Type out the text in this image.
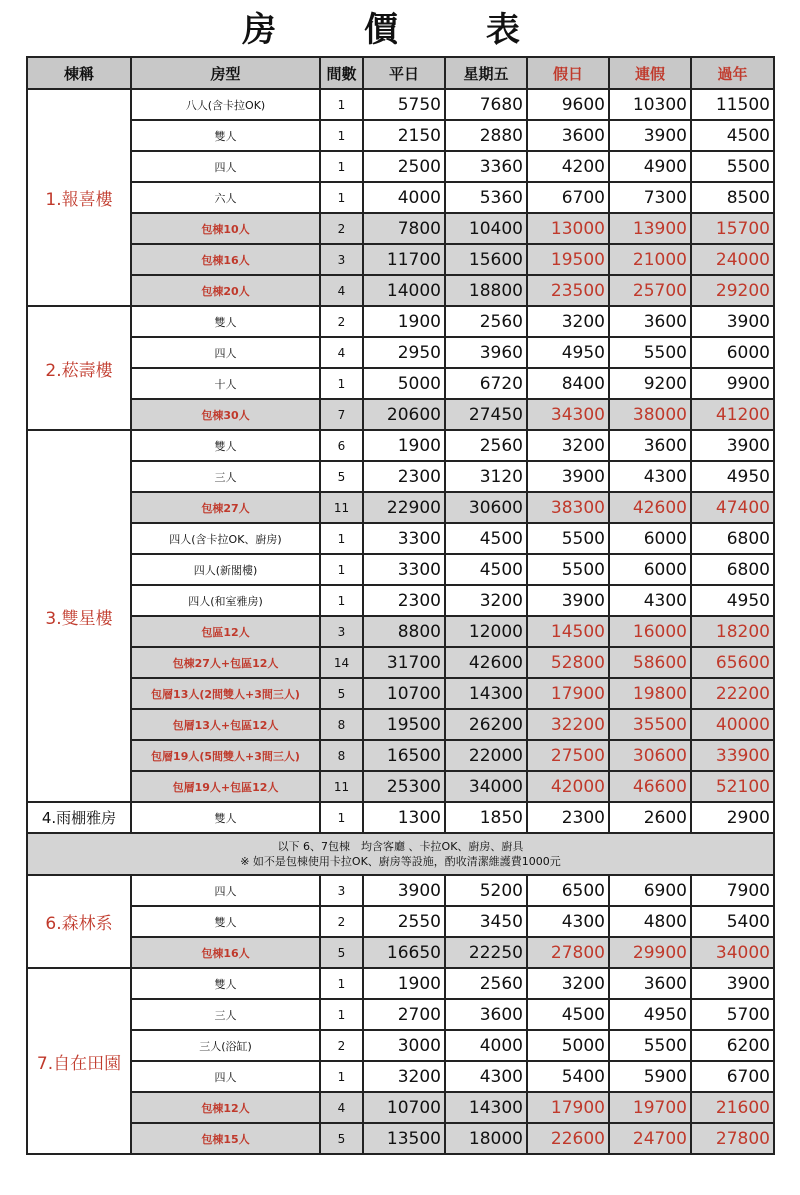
房 價 表
棟稱	房型	間數	平日	星期五	假日	連假	過年
1.報喜樓	八人(含卡拉OK)	1	5750	7680	9600	10300	11500
	雙人	1	2150	2880	3600	3900	4500
	四人	1	2500	3360	4200	4900	5500
	六人	1	4000	5360	6700	7300	8500
	包棟10人	2	7800	10400	13000	13900	15700
	包棟16人	3	11700	15600	19500	21000	24000
	包棟20人	4	14000	18800	23500	25700	29200
2.菘壽樓	雙人	2	1900	2560	3200	3600	3900
	四人	4	2950	3960	4950	5500	6000
	十人	1	5000	6720	8400	9200	9900
	包棟30人	7	20600	27450	34300	38000	41200
3.雙星樓	雙人	6	1900	2560	3200	3600	3900
	三人	5	2300	3120	3900	4300	4950
	包棟27人	11	22900	30600	38300	42600	47400
	四人(含卡拉OK、廚房)	1	3300	4500	5500	6000	6800
	四人(新閣樓)	1	3300	4500	5500	6000	6800
	四人(和室雅房)	1	2300	3200	3900	4300	4950
	包區12人	3	8800	12000	14500	16000	18200
	包棟27人+包區12人	14	31700	42600	52800	58600	65600
	包層13人(2間雙人+3間三人)	5	10700	14300	17900	19800	22200
	包層13人+包區12人	8	19500	26200	32200	35500	40000
	包層19人(5間雙人+3間三人)	8	16500	22000	27500	30600	33900
	包層19人+包區12人	11	25300	34000	42000	46600	52100
4.雨棚雅房	雙人	1	1300	1850	2300	2600	2900

以下 6、7包棟　均含客廳 、卡拉OK、廚房、廚具
※ 如不是包棟使用卡拉OK、廚房等設施，酌收清潔維護費1000元							

6.森林系	四人	3	3900	5200	6500	6900	7900
	雙人	2	2550	3450	4300	4800	5400
	包棟16人	5	16650	22250	27800	29900	34000
7.自在田園	雙人	1	1900	2560	3200	3600	3900
	三人	1	2700	3600	4500	4950	5700
	三人(浴缸)	2	3000	4000	5000	5500	6200
	四人	1	3200	4300	5400	5900	6700
	包棟12人	4	10700	14300	17900	19700	21600
	包棟15人	5	13500	18000	22600	24700	27800
